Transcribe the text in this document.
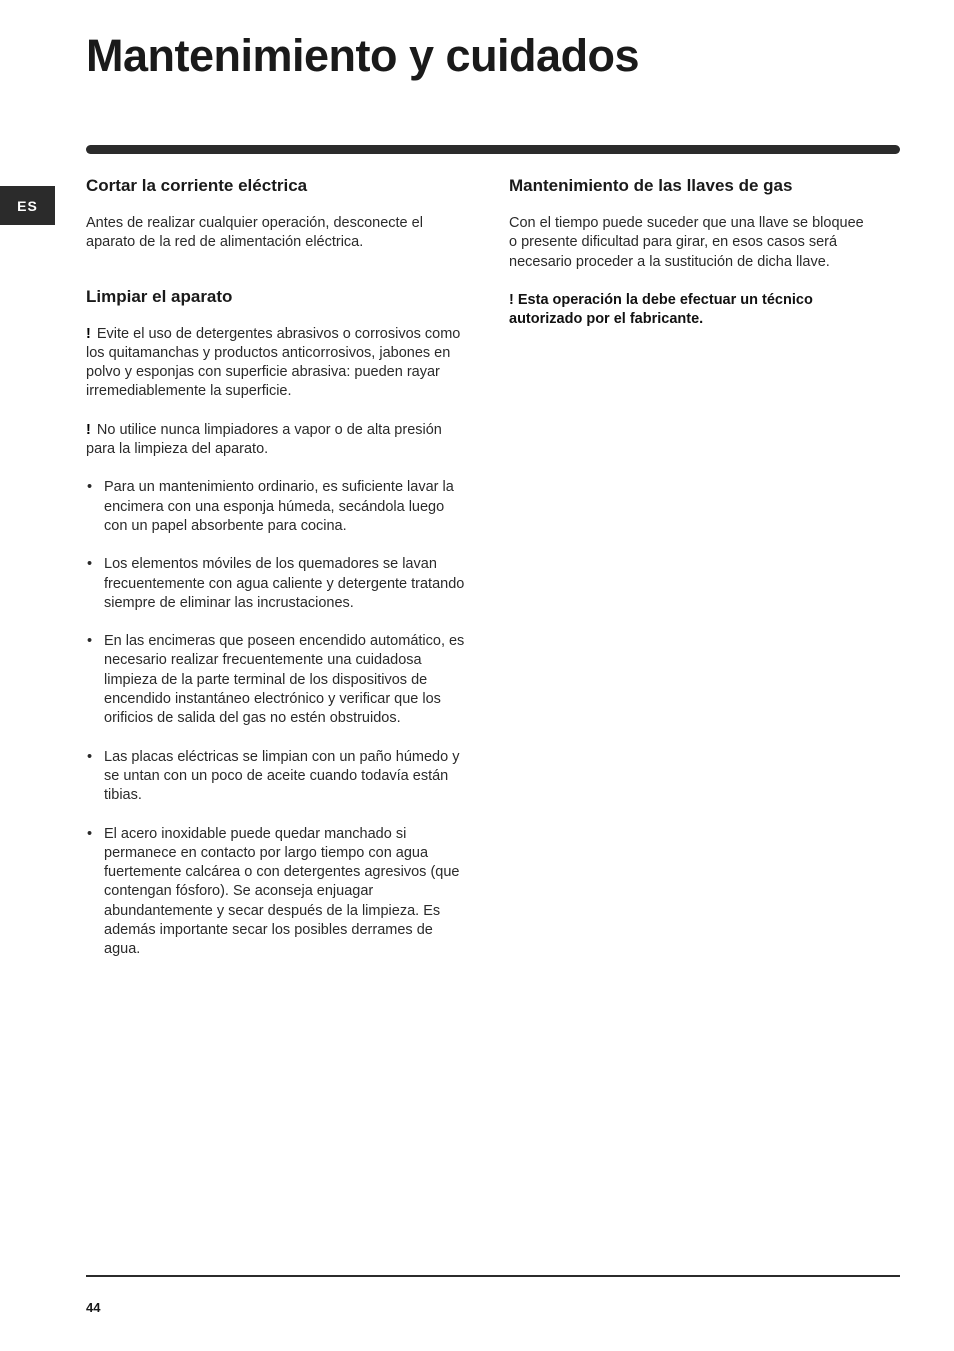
Mantenimiento y cuidados
ES
Cortar la corriente eléctrica

Antes de realizar cualquier operación, desconecte el aparato de la red de alimentación eléctrica.

Limpiar el aparato

! Evite el uso de detergentes abrasivos o corrosivos como los quitamanchas y productos anticorrosivos, jabones en polvo y esponjas con superficie abrasiva: pueden rayar irremediablemente la superficie.

! No utilice nunca limpiadores a vapor o de alta presión para la limpieza del aparato.

• Para un mantenimiento ordinario, es suficiente lavar la encimera con una esponja húmeda, secándola luego con un papel absorbente para cocina.
• Los elementos móviles de los quemadores se lavan frecuentemente con agua caliente y detergente tratando siempre de eliminar las incrustaciones.
• En las encimeras que poseen encendido automático, es necesario realizar frecuentemente una cuidadosa limpieza de la parte terminal de los dispositivos de encendido instantáneo electrónico y verificar que los orificios de salida del gas no estén obstruidos.
• Las placas eléctricas se limpian con un paño húmedo y se untan con un poco de aceite cuando todavía están tibias.
• El acero inoxidable puede quedar manchado si permanece en contacto por largo tiempo con agua fuertemente calcárea o con detergentes agresivos (que contengan fósforo). Se aconseja enjuagar abundantemente y secar después de la limpieza. Es además importante secar los posibles derrames de agua.
Mantenimiento de las llaves de gas

Con el tiempo puede suceder que una llave se bloquee o presente dificultad para girar, en esos casos será necesario proceder a la sustitución de dicha llave.

! Esta operación la debe efectuar un técnico autorizado por el fabricante.

44
